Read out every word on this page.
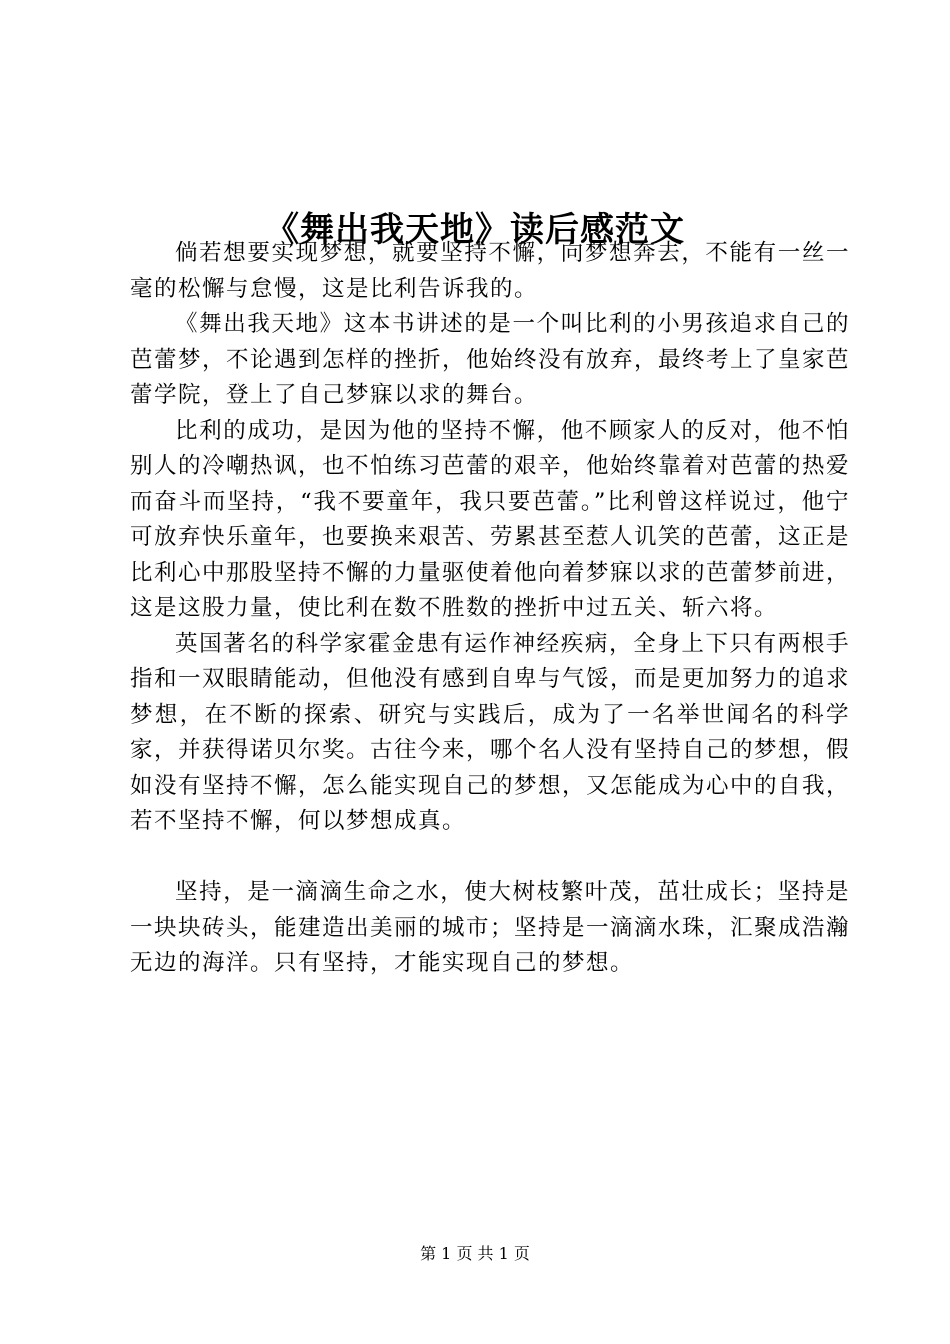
《舞出我天地》读后感范文

倘若想要实现梦想，就要坚持不懈，向梦想奔去，不能有一丝一毫的松懈与怠慢，这是比利告诉我的。

《舞出我天地》这本书讲述的是一个叫比利的小男孩追求自己的芭蕾梦，不论遇到怎样的挫折，他始终没有放弃，最终考上了皇家芭蕾学院，登上了自己梦寐以求的舞台。

比利的成功，是因为他的坚持不懈，他不顾家人的反对，他不怕别人的冷嘲热讽，也不怕练习芭蕾的艰辛，他始终靠着对芭蕾的热爱而奋斗而坚持，“我不要童年，我只要芭蕾。”比利曾这样说过，他宁可放弃快乐童年，也要换来艰苦、劳累甚至惹人讥笑的芭蕾，这正是比利心中那股坚持不懈的力量驱使着他向着梦寐以求的芭蕾梦前进，这是这股力量，使比利在数不胜数的挫折中过五关、斩六将。

英国著名的科学家霍金患有运作神经疾病，全身上下只有两根手指和一双眼睛能动，但他没有感到自卑与气馁，而是更加努力的追求梦想，在不断的探索、研究与实践后，成为了一名举世闻名的科学家，并获得诺贝尔奖。古往今来，哪个名人没有坚持自己的梦想，假如没有坚持不懈，怎么能实现自己的梦想，又怎能成为心中的自我，若不坚持不懈，何以梦想成真。

坚持，是一滴滴生命之水，使大树枝繁叶茂，茁壮成长；坚持是一块块砖头，能建造出美丽的城市；坚持是一滴滴水珠，汇聚成浩瀚无边的海洋。只有坚持，才能实现自己的梦想。

第 1 页 共 1 页
